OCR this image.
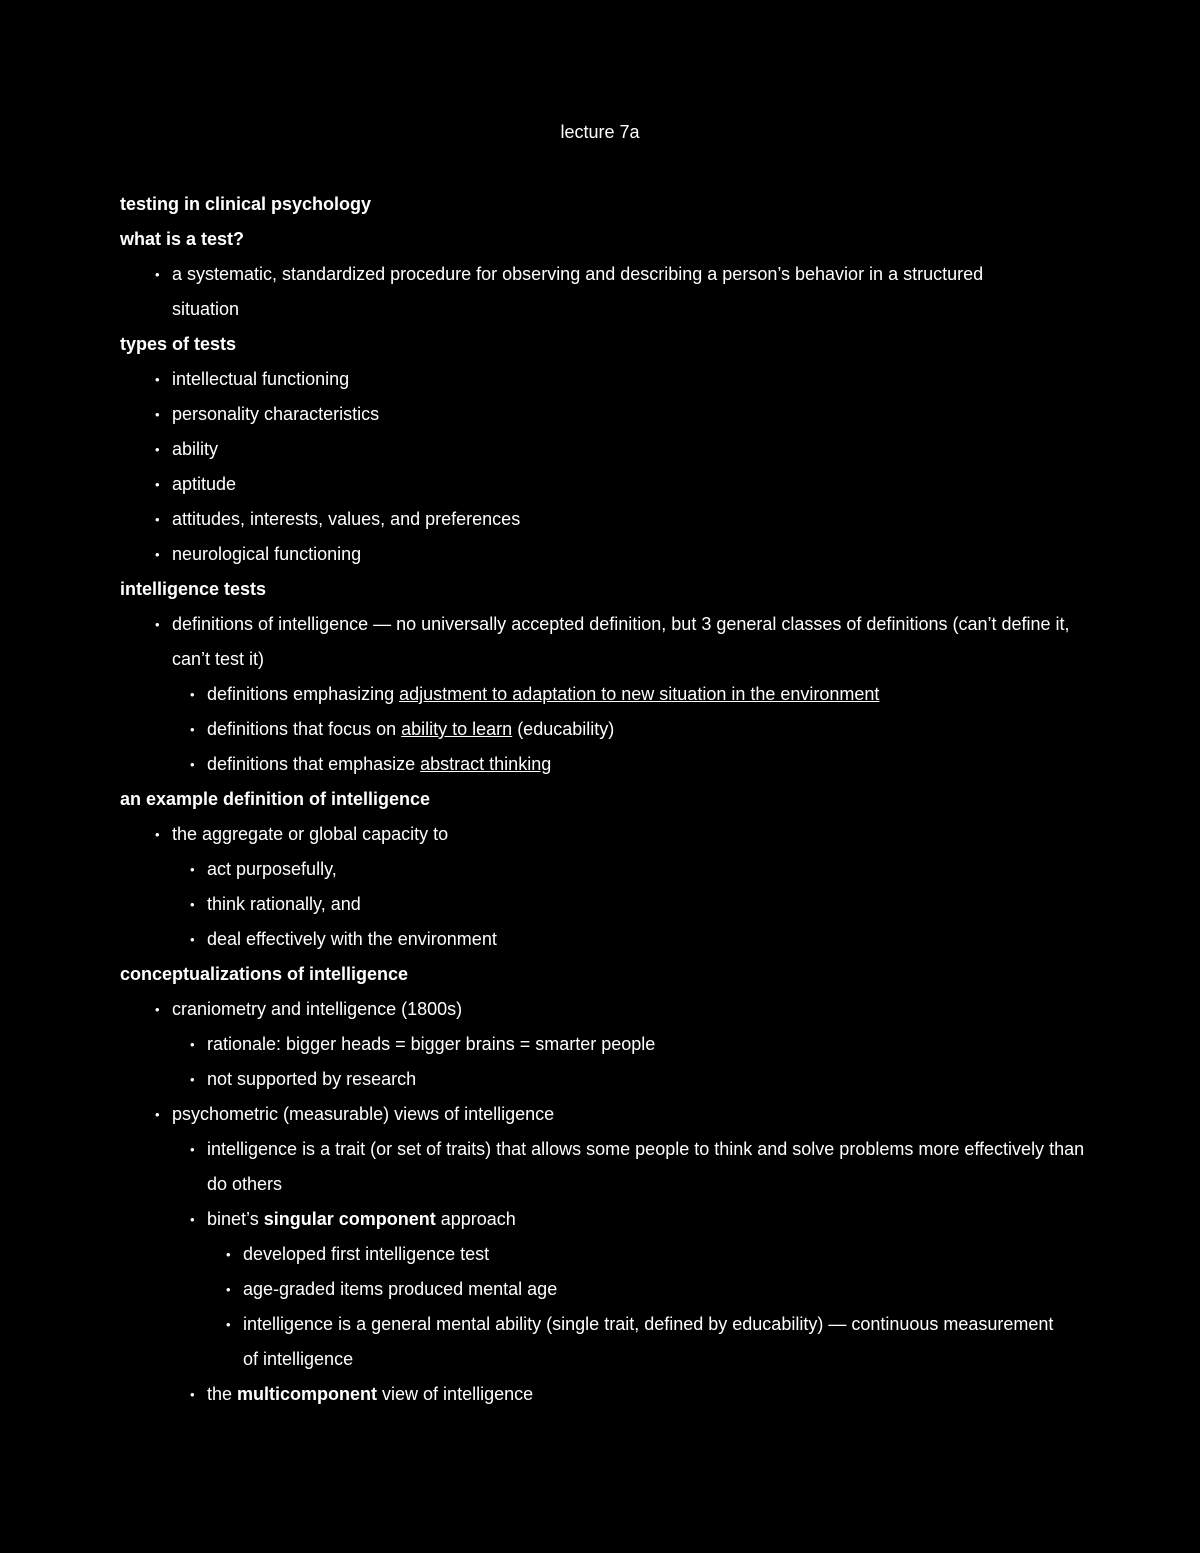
lecture 7a
testing in clinical psychology
what is a test?
• a systematic, standardized procedure for observing and describing a person’s behavior in a structured situation
types of tests
• intellectual functioning
• personality characteristics
• ability
• aptitude
• attitudes, interests, values, and preferences
• neurological functioning
intelligence tests
• definitions of intelligence — no universally accepted definition, but 3 general classes of definitions (can’t define it, can’t test it)
• definitions emphasizing adjustment to adaptation to new situation in the environment
• definitions that focus on ability to learn (educability)
• definitions that emphasize abstract thinking
an example definition of intelligence
• the aggregate or global capacity to
• act purposefully,
• think rationally, and
• deal effectively with the environment
conceptualizations of intelligence
• craniometry and intelligence (1800s)
• rationale: bigger heads = bigger brains = smarter people
• not supported by research
• psychometric (measurable) views of intelligence
• intelligence is a trait (or set of traits) that allows some people to think and solve problems more effectively than do others
• binet’s singular component approach
• developed first intelligence test
• age-graded items produced mental age
• intelligence is a general mental ability (single trait, defined by educability) — continuous measurement of intelligence
• the multicomponent view of intelligence
